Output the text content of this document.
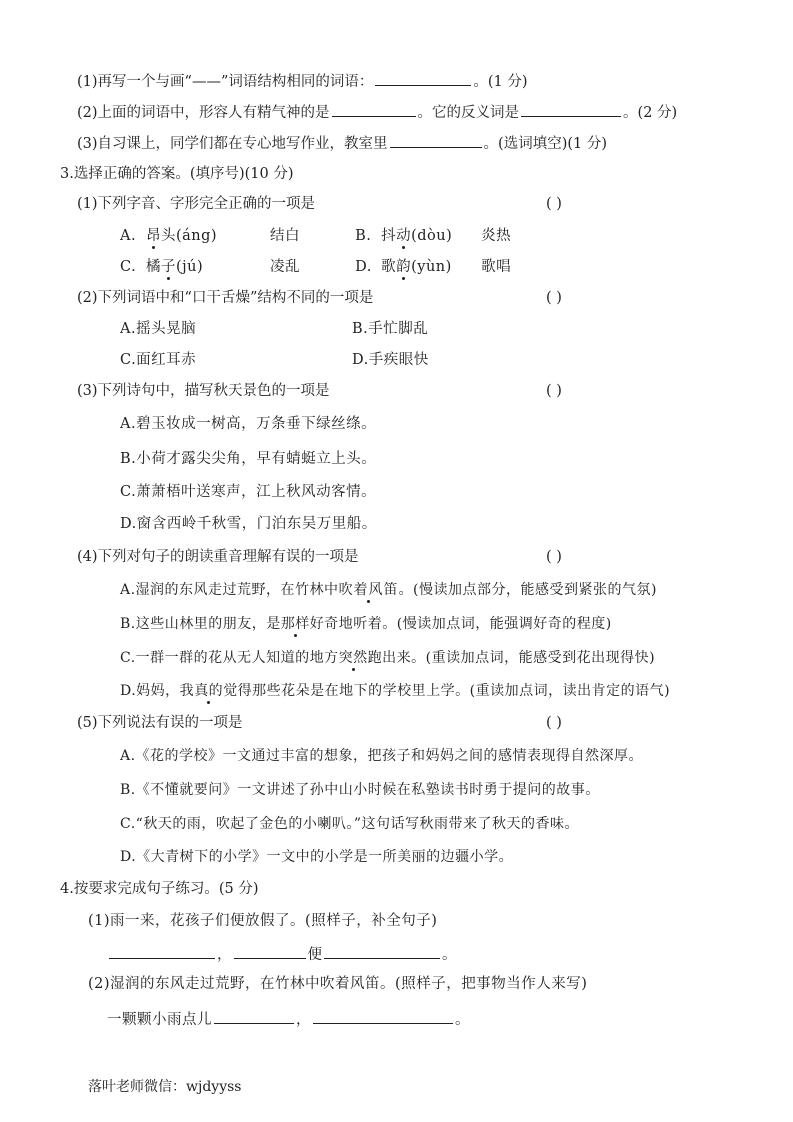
(1)再写一个与画“——”词语结构相同的词语：	。(1 分)
(2)上面的词语中，形容人有精气神的是	。它的反义词是	。(2 分)
(3)自习课上，同学们都在专心地写作业，教室里	。(选词填空)(1 分)
3.选择正确的答案。(填序号)(10 分)
(1)下列字音、字形完全正确的一项是	( )
A. 昂头(áng)	结白	B. 抖动(dòu) 炎热
C. 橘子(jú)	凌乱	D. 歌韵(yùn) 歌唱
(2)下列词语中和“口干舌燥”结构不同的一项是	( )
A.摇头晃脑	B.手忙脚乱
C.面红耳赤	D.手疾眼快
(3)下列诗句中，描写秋天景色的一项是	( )
A.碧玉妆成一树高，万条垂下绿丝绦。
B.小荷才露尖尖角，早有蜻蜓立上头。
C.萧萧梧叶送寒声，江上秋风动客情。
D.窗含西岭千秋雪，门泊东吴万里船。
(4)下列对句子的朗读重音理解有误的一项是	( )
A.湿润的东风走过荒野，在竹林中吹着风笛。(慢读加点部分，能感受到紧张的气氛)
B.这些山林里的朋友，是那样好奇地听着。(慢读加点词，能强调好奇的程度)
C.一群一群的花从无人知道的地方突然跑出来。(重读加点词，能感受到花出现得快)
D.妈妈，我真的觉得那些花朵是在地下的学校里上学。(重读加点词，读出肯定的语气)
(5)下列说法有误的一项是	( )
A.《花的学校》一文通过丰富的想象，把孩子和妈妈之间的感情表现得自然深厚。
B.《不懂就要问》一文讲述了孙中山小时候在私塾读书时勇于提问的故事。
C.“秋天的雨，吹起了金色的小喇叭。”这句话写秋雨带来了秋天的香味。
D.《大青树下的小学》一文中的小学是一所美丽的边疆小学。
4.按要求完成句子练习。(5 分)
(1)雨一来，花孩子们便放假了。(照样子，补全句子)
，	便	。
(2)湿润的东风走过荒野，在竹林中吹着风笛。(照样子，把事物当作人来写)
一颗颗小雨点儿	，	。
落叶老师微信：wjdyyss
